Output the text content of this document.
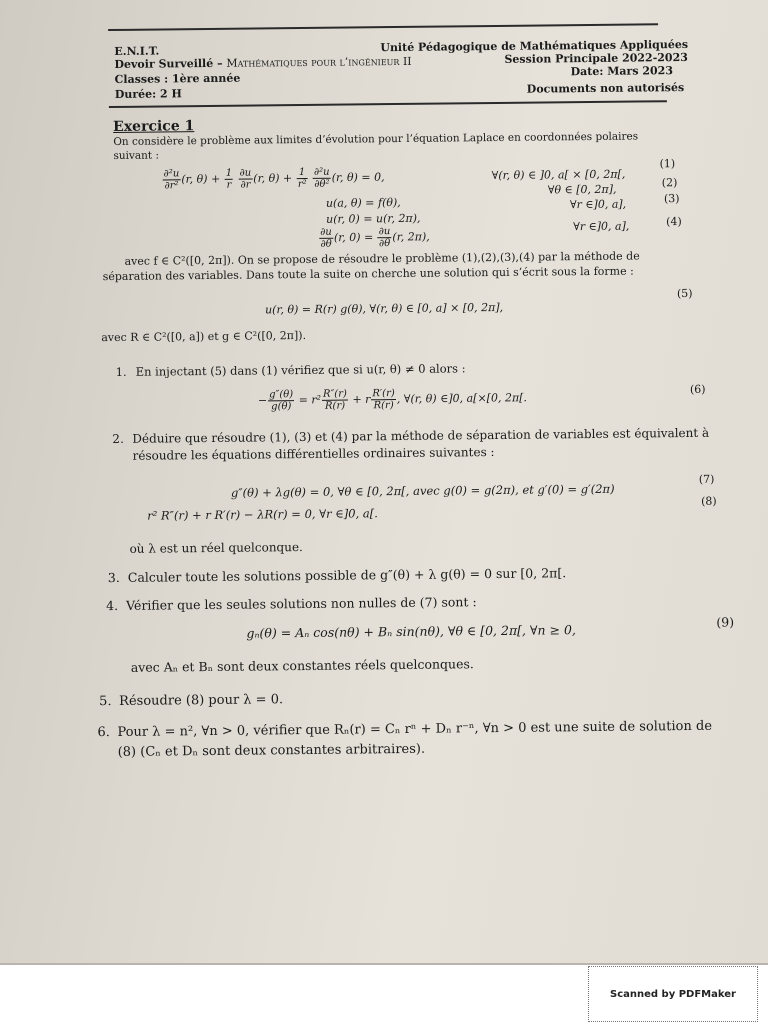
E.N.I.T.
Devoir Surveillé – Mathématiques pour l’ingénieur II
Classes : 1ère année
Durée: 2 H
Unité Pédagogique de Mathématiques Appliquées
Session Principale 2022-2023
Date: Mars 2023
Documents non autorisés
Exercice 1
On considère le problème aux limites d’évolution pour l’équation Laplace en coordonnées polaires
suivant :
$\frac{\text{∂²u}}{\text{∂r²}} (r$, $\theta) + \frac{1}{r}$
$\frac{\partial u}{\partial r} (r$, $\theta) + \frac{1}{\text{r²}}$
$\frac{\text{∂²u}}{\text{∂θ²}} (r$, θ) = 0,	∀(r, θ) ∈ ]0, a[ × [0, 2π[,
(1)
u(a, θ) = f(θ),
∀θ ∈ [0, 2π],
(2)
u(r, 0) = u(r, 2π),
∀r ∈]0, a],	(3)
$\frac{\partial u}{\partial\theta} (r$, $0) = \frac{\partial u}{\partial\theta} (r$, 2π),
∀r ∈]0, a],	(4)
avec f ∈ C²([0, 2π]). On se propose de résoudre le problème (1),(2),(3),(4) par la méthode de
séparation des variables. Dans toute la suite on cherche une solution qui s’écrit sous la forme :
u(r, θ) = R(r) g(θ), ∀(r, θ) ∈ [0, a] × [0, 2π],
(5)
avec R ∈ C²([0, a]) et g ∈ C²([0, 2π]).
1. En injectant (5) dans (1) vérifiez que si u(r, θ) ≠ 0 alors :
− $\frac{g''(\theta)}{g(\theta)} = r^2 \frac{R''(r)}{R(r)} + r \frac{R'(r)}{R(r)}$ , ∀(r, θ) ∈]0, a[×[0, 2π[.
(6)
2. Déduire que résoudre (1), (3) et (4) par la méthode de séparation de variables est équivalent à
résoudre les équations différentielles ordinaires suivantes :
g″(θ) + λg(θ) = 0, ∀θ ∈ [0, 2π[, avec g(0) = g(2π), et g′(0) = g′(2π)
(7)
r² R″(r) + r R′(r) − λR(r) = 0, ∀r ∈]0, a[.
(8)
où λ est un réel quelconque.
3. Calculer toute les solutions possible de g″(θ) + λ g(θ) = 0 sur [0, 2π[.
4. Vérifier que les seules solutions non nulles de (7) sont :
gₙ(θ) = Aₙ cos(nθ) + Bₙ sin(nθ), ∀θ ∈ [0, 2π[, ∀n ≥ 0,
(9)
avec Aₙ et Bₙ sont deux constantes réels quelconques.
5. Résoudre (8) pour λ = 0.
6. Pour λ = n², ∀n > 0, vérifier que Rₙ(r) = Cₙ rⁿ + Dₙ r⁻ⁿ, ∀n > 0 est une suite de solution de
(8) (Cₙ et Dₙ sont deux constantes arbitraires).
Scanned by PDFMaker
